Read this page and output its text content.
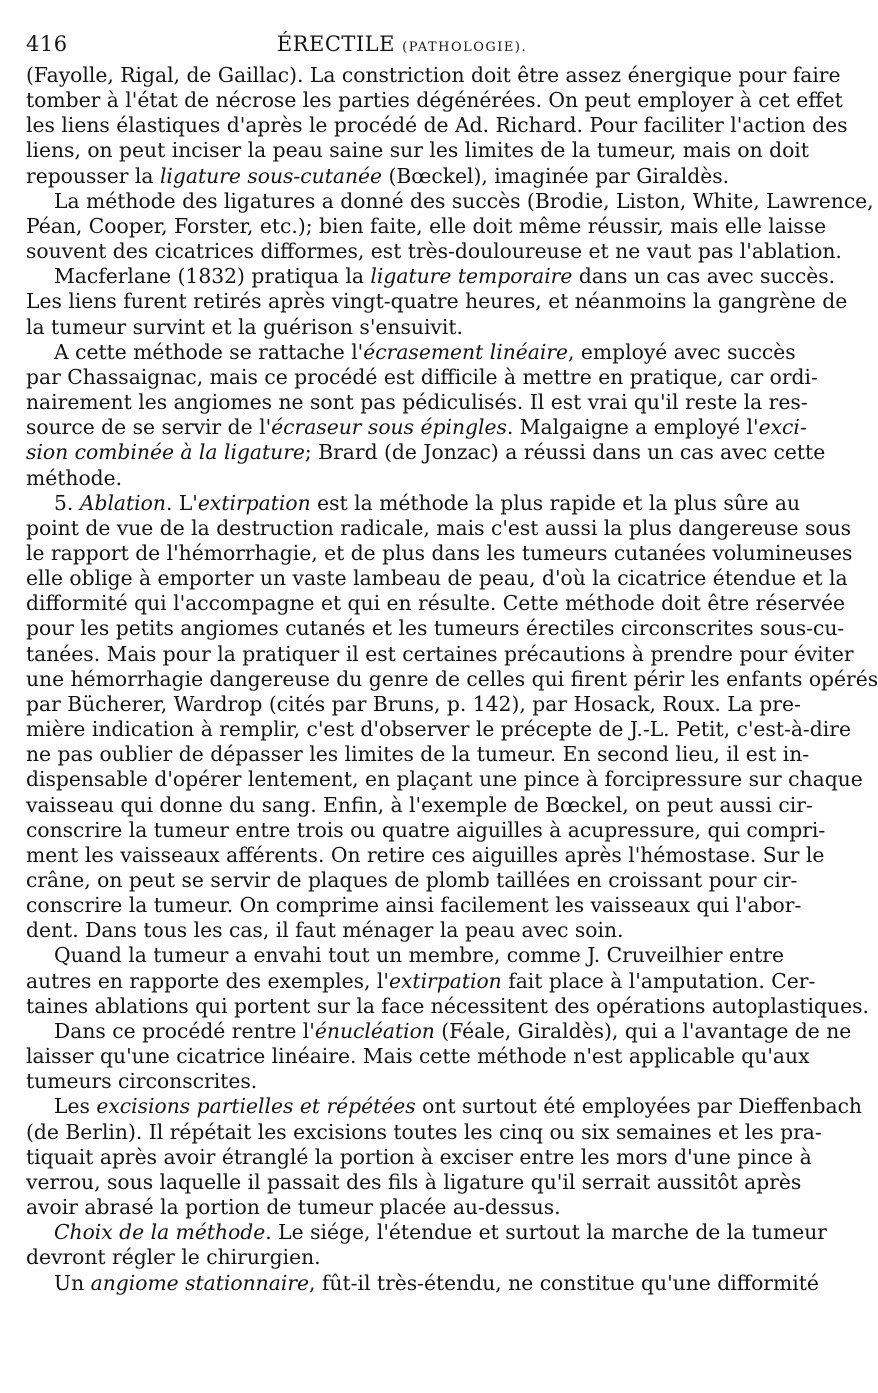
416	ÉRECTILE (PATHOLOGIE).
(Fayolle, Rigal, de Gaillac). La constriction doit être assez énergique pour faire
tomber à l'état de nécrose les parties dégénérées. On peut employer à cet effet
les liens élastiques d'après le procédé de Ad. Richard. Pour faciliter l'action des
liens, on peut inciser la peau saine sur les limites de la tumeur, mais on doit
repousser la ligature sous-cutanée (Bœckel), imaginée par Giraldès.
La méthode des ligatures a donné des succès (Brodie, Liston, White, Lawrence,
Péan, Cooper, Forster, etc.); bien faite, elle doit même réussir, mais elle laisse
souvent des cicatrices difformes, est très-douloureuse et ne vaut pas l'ablation.
Macferlane (1832) pratiqua la ligature temporaire dans un cas avec succès.
Les liens furent retirés après vingt-quatre heures, et néanmoins la gangrène de
la tumeur survint et la guérison s'ensuivit.
A cette méthode se rattache l'écrasement linéaire, employé avec succès
par Chassaignac, mais ce procédé est difficile à mettre en pratique, car ordi-
nairement les angiomes ne sont pas pédiculisés. Il est vrai qu'il reste la res-
source de se servir de l'écraseur sous épingles. Malgaigne a employé l'exci-
sion combinée à la ligature; Brard (de Jonzac) a réussi dans un cas avec cette
méthode.
5. Ablation. L'extirpation est la méthode la plus rapide et la plus sûre au
point de vue de la destruction radicale, mais c'est aussi la plus dangereuse sous
le rapport de l'hémorrhagie, et de plus dans les tumeurs cutanées volumineuses
elle oblige à emporter un vaste lambeau de peau, d'où la cicatrice étendue et la
difformité qui l'accompagne et qui en résulte. Cette méthode doit être réservée
pour les petits angiomes cutanés et les tumeurs érectiles circonscrites sous-cu-
tanées. Mais pour la pratiquer il est certaines précautions à prendre pour éviter
une hémorrhagie dangereuse du genre de celles qui firent périr les enfants opérés
par Bücherer, Wardrop (cités par Bruns, p. 142), par Hosack, Roux. La pre-
mière indication à remplir, c'est d'observer le précepte de J.-L. Petit, c'est-à-dire
ne pas oublier de dépasser les limites de la tumeur. En second lieu, il est in-
dispensable d'opérer lentement, en plaçant une pince à forcipressure sur chaque
vaisseau qui donne du sang. Enfin, à l'exemple de Bœckel, on peut aussi cir-
conscrire la tumeur entre trois ou quatre aiguilles à acupressure, qui compri-
ment les vaisseaux afférents. On retire ces aiguilles après l'hémostase. Sur le
crâne, on peut se servir de plaques de plomb taillées en croissant pour cir-
conscrire la tumeur. On comprime ainsi facilement les vaisseaux qui l'abor-
dent. Dans tous les cas, il faut ménager la peau avec soin.
Quand la tumeur a envahi tout un membre, comme J. Cruveilhier entre
autres en rapporte des exemples, l'extirpation fait place à l'amputation. Cer-
taines ablations qui portent sur la face nécessitent des opérations autoplastiques.
Dans ce procédé rentre l'énucléation (Féale, Giraldès), qui a l'avantage de ne
laisser qu'une cicatrice linéaire. Mais cette méthode n'est applicable qu'aux
tumeurs circonscrites.
Les excisions partielles et répétées ont surtout été employées par Dieffenbach
(de Berlin). Il répétait les excisions toutes les cinq ou six semaines et les pra-
tiquait après avoir étranglé la portion à exciser entre les mors d'une pince à
verrou, sous laquelle il passait des fils à ligature qu'il serrait aussitôt après
avoir abrasé la portion de tumeur placée au-dessus.
Choix de la méthode. Le siége, l'étendue et surtout la marche de la tumeur
devront régler le chirurgien.
Un angiome stationnaire, fût-il très-étendu, ne constitue qu'une difformité
